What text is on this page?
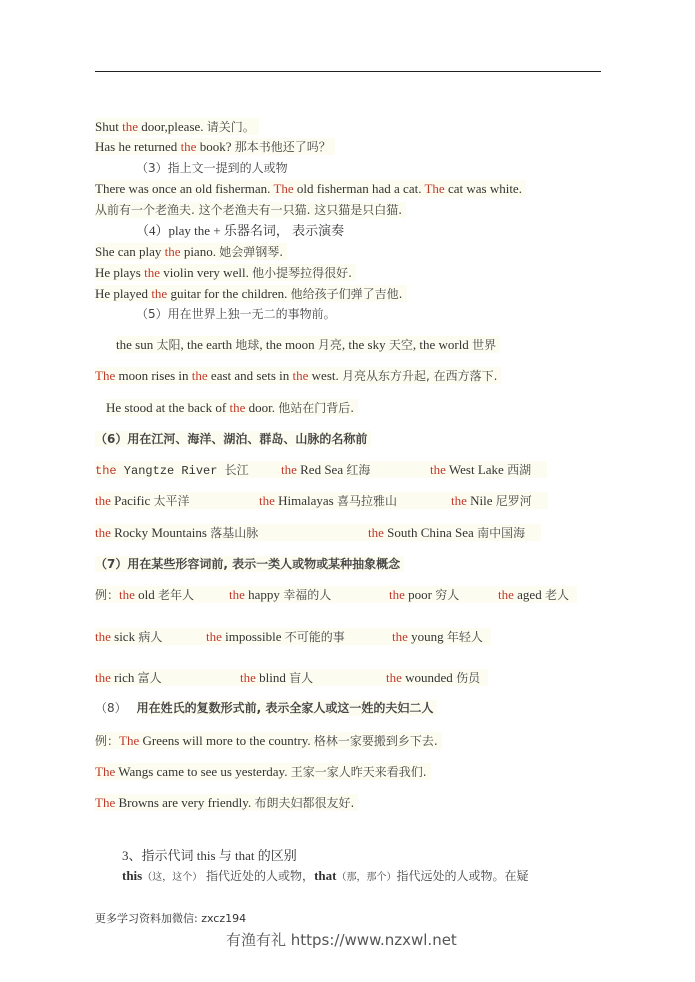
Shut the door,please. 请关门。
Has he returned the book? 那本书他还了吗？
（3）指上文一提到的人或物
There was once an old fisherman. The old fisherman had a cat. The cat was white.
从前有一个老渔夫. 这个老渔夫有一只猫. 这只猫是只白猫.
（4）play the + 乐器名词， 表示演奏
She can play the piano. 她会弹钢琴.
He plays the violin very well. 他小提琴拉得很好.
He played the guitar for the children. 他给孩子们弹了吉他.
（5）用在世界上独一无二的事物前。
the sun 太阳, the earth 地球, the moon 月亮, the sky 天空, the world 世界
The moon rises in the east and sets in the west. 月亮从东方升起, 在西方落下.
He stood at the back of the door. 他站在门背后.
（6）用在江河、海洋、湖泊、群岛、山脉的名称前
the Yangtze River 长江 the Red Sea 红海	the West Lake 西湖
the Pacific 太平洋	the Himalayas 喜马拉雅山	the Nile 尼罗河
the Rocky Mountains 落基山脉	the South China Sea 南中国海
（7）用在某些形容词前, 表示一类人或物或某种抽象概念
例：the old 老年人	the happy 幸福的人	the poor 穷人	the aged 老人
the sick 病人	the impossible 不可能的事	the young 年轻人
the rich 富人	the blind 盲人	the wounded 伤员
（8） 用在姓氏的复数形式前, 表示全家人或这一姓的夫妇二人
例：The Greens will more to the country. 格林一家要搬到乡下去.
The Wangs came to see us yesterday. 王家一家人昨天来看我们.
The Browns are very friendly. 布朗夫妇都很友好.
3、指示代词 this 与 that 的区别
this（这，这个） 指代近处的人或物，that（那，那个）指代远处的人或物。在疑
更多学习资料加微信: zxcz194
有渔有礼 https://www.nzxwl.net
